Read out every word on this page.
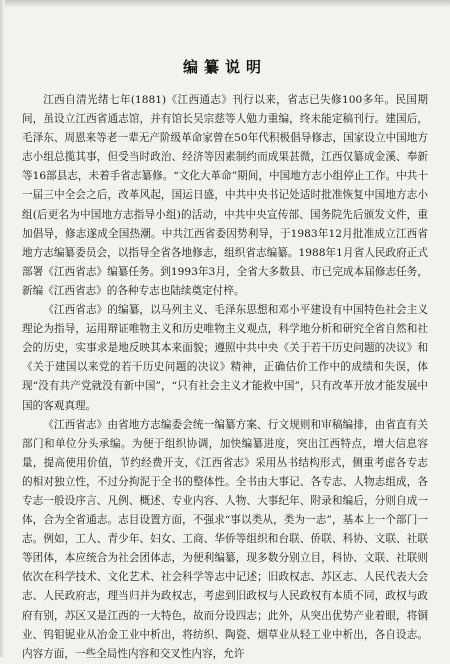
编纂说明

江西自清光绪七年(1881)《江西通志》刊行以来，省志已失修100多年。民国期间，虽设立江西省通志馆，并有馆长吴宗慈等人勉力重编，终未能定稿刊行。建国后，毛泽东、周恩来等老一辈无产阶级革命家曾在50年代积极倡导修志，国家设立中国地方志小组总揽其事，但受当时政治、经济等因素制约而成果甚微，江西仅纂成金溪、奉新等16部县志，未着手省志纂修。“文化大革命”期间，中国地方志小组停止工作。中共十一届三中全会之后，改革风起，国运日盛，中共中央书记处适时批准恢复中国地方志小组(后更名为中国地方志指导小组)的活动，中共中央宣传部、国务院先后颁发文件，重加倡导，修志遂成全国热潮。中共江西省委因势利导，于1983年12月批准成立江西省地方志编纂委员会，以指导全省各地修志，组织省志编纂。1988年1月省人民政府正式部署《江西省志》编纂任务。到1993年3月，全省大多数县、市已完成本届修志任务，新编《江西省志》的各种专志也陆续奠定付梓。

《江西省志》的编纂，以马列主义、毛泽东思想和邓小平建设有中国特色社会主义理论为指导，运用辩证唯物主义和历史唯物主义观点，科学地分析和研究全省自然和社会的历史，实事求是地反映其本来面貌；遵照中共中央《关于若干历史问题的决议》和《关于建国以来党的若干历史问题的决议》精神，正确估价工作中的成绩和失误，体现“没有共产党就没有新中国”，“只有社会主义才能救中国”，只有改革开放才能发展中国的客观真理。

《江西省志》由省地方志编委会统一编纂方案、行文规则和审稿编排，由省直有关部门和单位分头承编。为便于组织协调，加快编纂进度，突出江西特点，增大信息容量，提高使用价值，节约经费开支，《江西省志》采用丛书结构形式，侧重考虑各专志的相对独立性，不过分拘泥于全书的整体性。全书由大事记、各专志、人物志组成，各专志一般设序言、凡例、概述、专业内容、人物、大事纪年、附录和编后，分则自成一体，合为全省通志。志目设置方面，不强求“事以类从，类为一志”，基本上一个部门一志。例如，工人、青少年、妇女、工商、华侨等组织和台联、侨联、科协、文联、社联等团体，本应统合为社会团体志，为便利编纂，现多数分别立目，科协、文联、社联则依次在科学技术、文化艺术、社会科学等志中记述；旧政权志、苏区志、人民代表大会志、人民政府志，理当归并为政权志，考虑到旧政权与人民政权有本质不同，政权与政府有别，苏区又是江西的一大特色，故而分设四志；此外，从突出优势产业着眼，将铜业、钨钼铌业从冶金工业中析出，将纺织、陶瓷、烟草业从轻工业中析出，各自设志。内容方面，一些全局性内容和交叉性内容，允许
